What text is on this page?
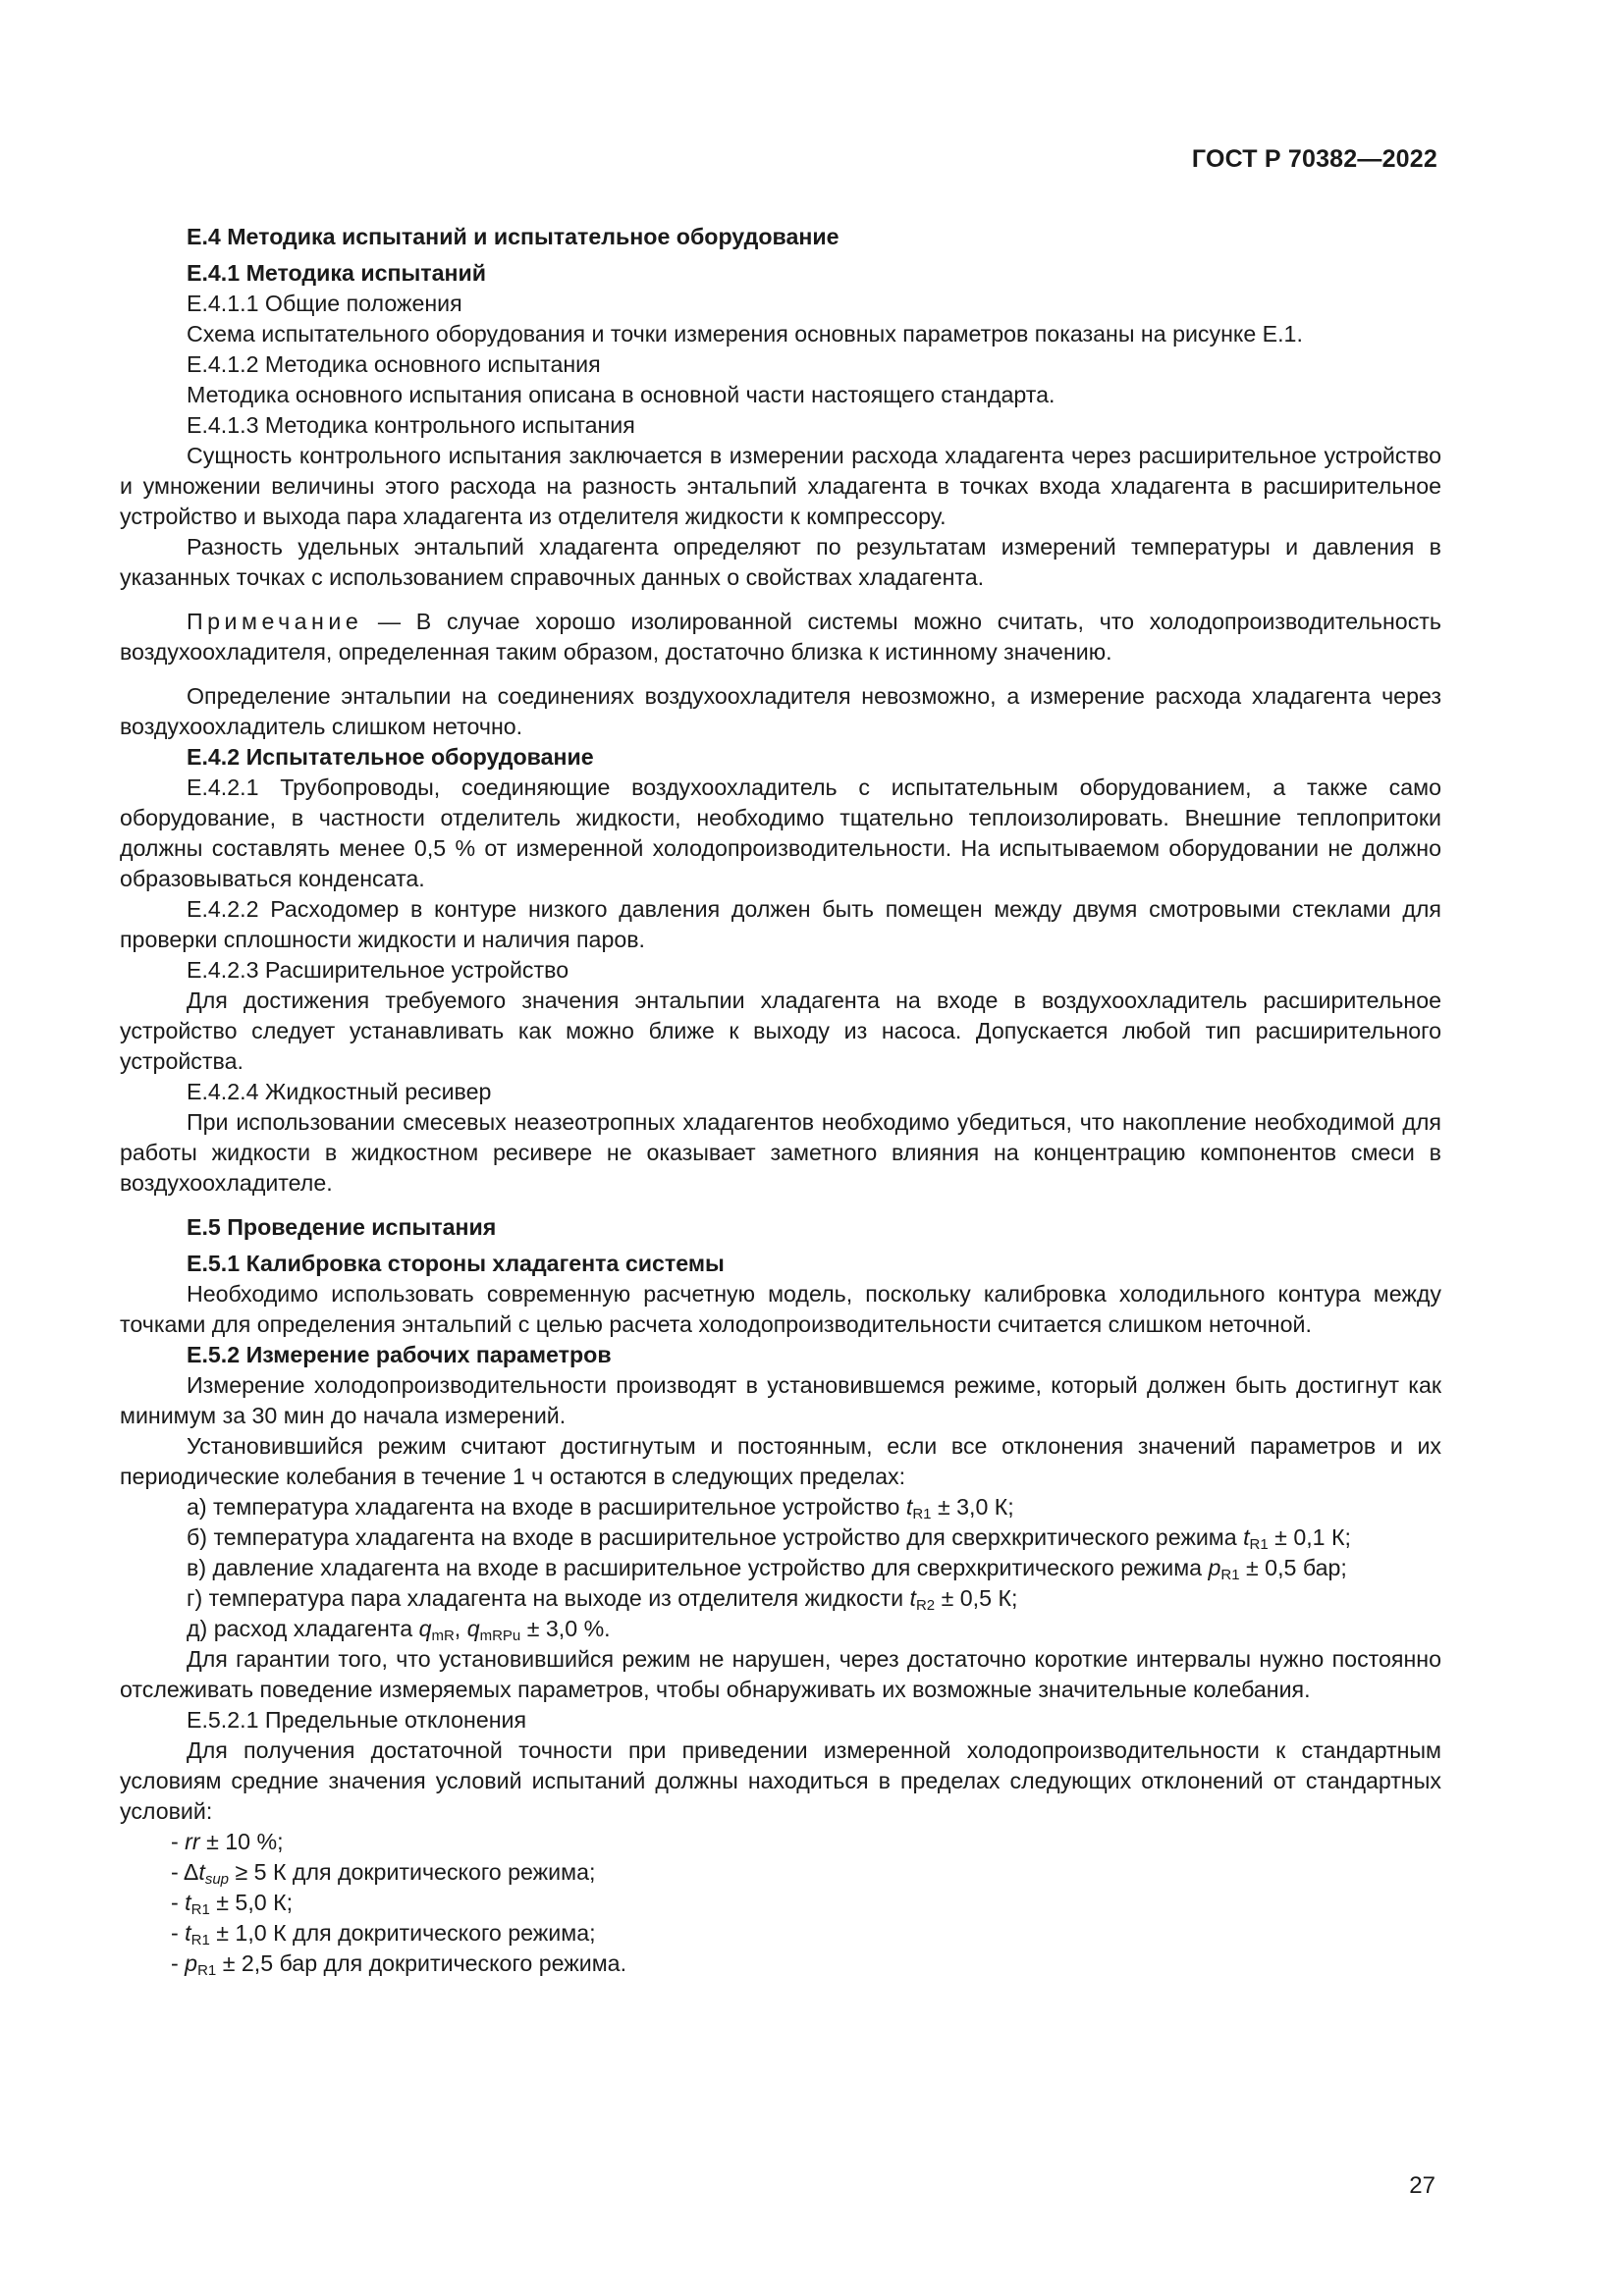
ГОСТ Р 70382—2022

E.4 Методика испытаний и испытательное оборудование

E.4.1 Методика испытаний

E.4.1.1 Общие положения

Схема испытательного оборудования и точки измерения основных параметров показаны на рисунке E.1.

E.4.1.2 Методика основного испытания

Методика основного испытания описана в основной части настоящего стандарта.

E.4.1.3 Методика контрольного испытания

Сущность контрольного испытания заключается в измерении расхода хладагента через расширительное устройство и умножении величины этого расхода на разность энтальпий хладагента в точках входа хладагента в расширительное устройство и выхода пара хладагента из отделителя жидкости к компрессору.

Разность удельных энтальпий хладагента определяют по результатам измерений температуры и давления в указанных точках с использованием справочных данных о свойствах хладагента.

Примечание — В случае хорошо изолированной системы можно считать, что холодопроизводительность воздухоохладителя, определенная таким образом, достаточно близка к истинному значению.

Определение энтальпии на соединениях воздухоохладителя невозможно, а измерение расхода хладагента через воздухоохладитель слишком неточно.

E.4.2 Испытательное оборудование

E.4.2.1 Трубопроводы, соединяющие воздухоохладитель с испытательным оборудованием, а также само оборудование, в частности отделитель жидкости, необходимо тщательно теплоизолировать. Внешние теплопритоки должны составлять менее 0,5 % от измеренной холодопроизводительности. На испытываемом оборудовании не должно образовываться конденсата.

E.4.2.2 Расходомер в контуре низкого давления должен быть помещен между двумя смотровыми стеклами для проверки сплошности жидкости и наличия паров.

E.4.2.3 Расширительное устройство

Для достижения требуемого значения энтальпии хладагента на входе в воздухоохладитель расширительное устройство следует устанавливать как можно ближе к выходу из насоса. Допускается любой тип расширительного устройства.

E.4.2.4 Жидкостный ресивер

При использовании смесевых неазеотропных хладагентов необходимо убедиться, что накопление необходимой для работы жидкости в жидкостном ресивере не оказывает заметного влияния на концентрацию компонентов смеси в воздухоохладителе.

E.5 Проведение испытания

E.5.1 Калибровка стороны хладагента системы

Необходимо использовать современную расчетную модель, поскольку калибровка холодильного контура между точками для определения энтальпий с целью расчета холодопроизводительности считается слишком неточной.

E.5.2 Измерение рабочих параметров

Измерение холодопроизводительности производят в установившемся режиме, который должен быть достигнут как минимум за 30 мин до начала измерений.

Установившийся режим считают достигнутым и постоянным, если все отклонения значений параметров и их периодические колебания в течение 1 ч остаются в следующих пределах:

а) температура хладагента на входе в расширительное устройство $t_{R1} \pm 3,0$ К;

б) температура хладагента на входе в расширительное устройство для сверхкритического режима $t_{R1} \pm 0,1$ К;

в) давление хладагента на входе в расширительное устройство для сверхкритического режима $p_{R1} \pm 0,5$ бар;

г) температура пара хладагента на выходе из отделителя жидкости $t_{R2} \pm 0,5$ К;

д) расход хладагента $q_{mR}$, $q_{mRPu} \pm 3,0$ %.

Для гарантии того, что установившийся режим не нарушен, через достаточно короткие интервалы нужно постоянно отслеживать поведение измеряемых параметров, чтобы обнаруживать их возможные значительные колебания.

E.5.2.1 Предельные отклонения

Для получения достаточной точности при приведении измеренной холодопроизводительности к стандартным условиям средние значения условий испытаний должны находиться в пределах следующих отклонений от стандартных условий:

- rr ± 10 %;

- $\Delta t_{sup} \ge 5$ К для докритического режима;

- $t_{R1} \pm 5,0$ К;

- $t_{R1} \pm 1,0$ К для докритического режима;

- $p_{R1} \pm 2,5$ бар для докритического режима.

27
